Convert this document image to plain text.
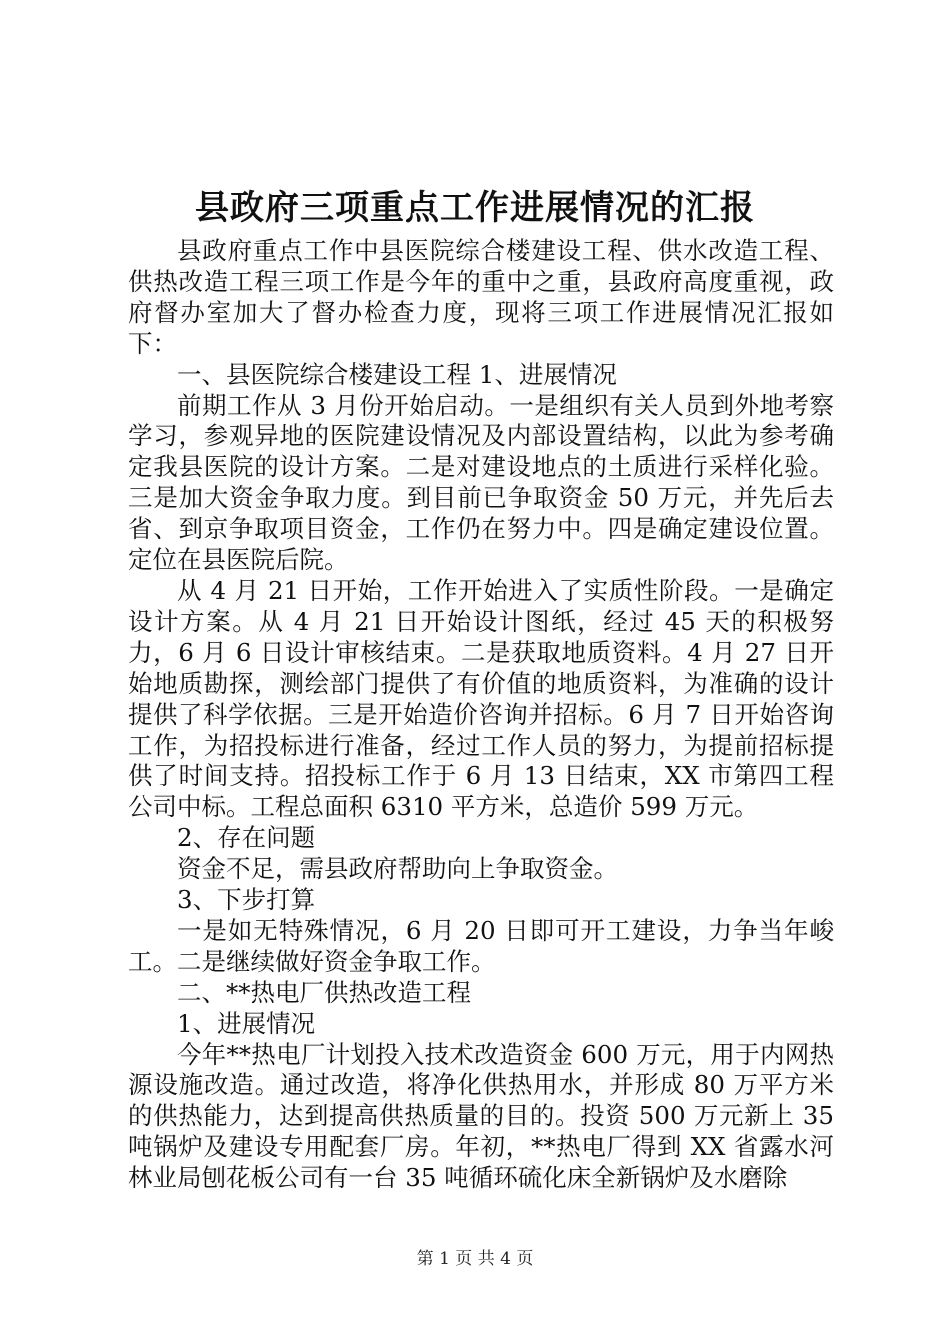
县政府三项重点工作进展情况的汇报

县政府重点工作中县医院综合楼建设工程、供水改造工程、供热改造工程三项工作是今年的重中之重，县政府高度重视，政府督办室加大了督办检查力度，现将三项工作进展情况汇报如下：

一、县医院综合楼建设工程 1、进展情况

前期工作从 3 月份开始启动。一是组织有关人员到外地考察学习，参观异地的医院建设情况及内部设置结构，以此为参考确定我县医院的设计方案。二是对建设地点的土质进行采样化验。三是加大资金争取力度。到目前已争取资金 50 万元，并先后去省、到京争取项目资金，工作仍在努力中。四是确定建设位置。定位在县医院后院。

从 4 月 21 日开始，工作开始进入了实质性阶段。一是确定设计方案。从 4 月 21 日开始设计图纸，经过 45 天的积极努力，6 月 6 日设计审核结束。二是获取地质资料。4 月 27 日开始地质勘探，测绘部门提供了有价值的地质资料，为准确的设计提供了科学依据。三是开始造价咨询并招标。6 月 7 日开始咨询工作，为招投标进行准备，经过工作人员的努力，为提前招标提供了时间支持。招投标工作于 6 月 13 日结束，XX 市第四工程公司中标。工程总面积 6310 平方米，总造价 599 万元。

2、存在问题

资金不足，需县政府帮助向上争取资金。

3、下步打算

一是如无特殊情况，6 月 20 日即可开工建设，力争当年峻工。二是继续做好资金争取工作。

二、**热电厂供热改造工程

1、进展情况

今年**热电厂计划投入技术改造资金 600 万元，用于内网热源设施改造。通过改造，将净化供热用水，并形成 80 万平方米的供热能力，达到提高供热质量的目的。投资 500 万元新上 35 吨锅炉及建设专用配套厂房。年初，**热电厂得到 XX 省露水河林业局刨花板公司有一台 35 吨循环硫化床全新锅炉及水磨除

第 1 页 共 4 页
